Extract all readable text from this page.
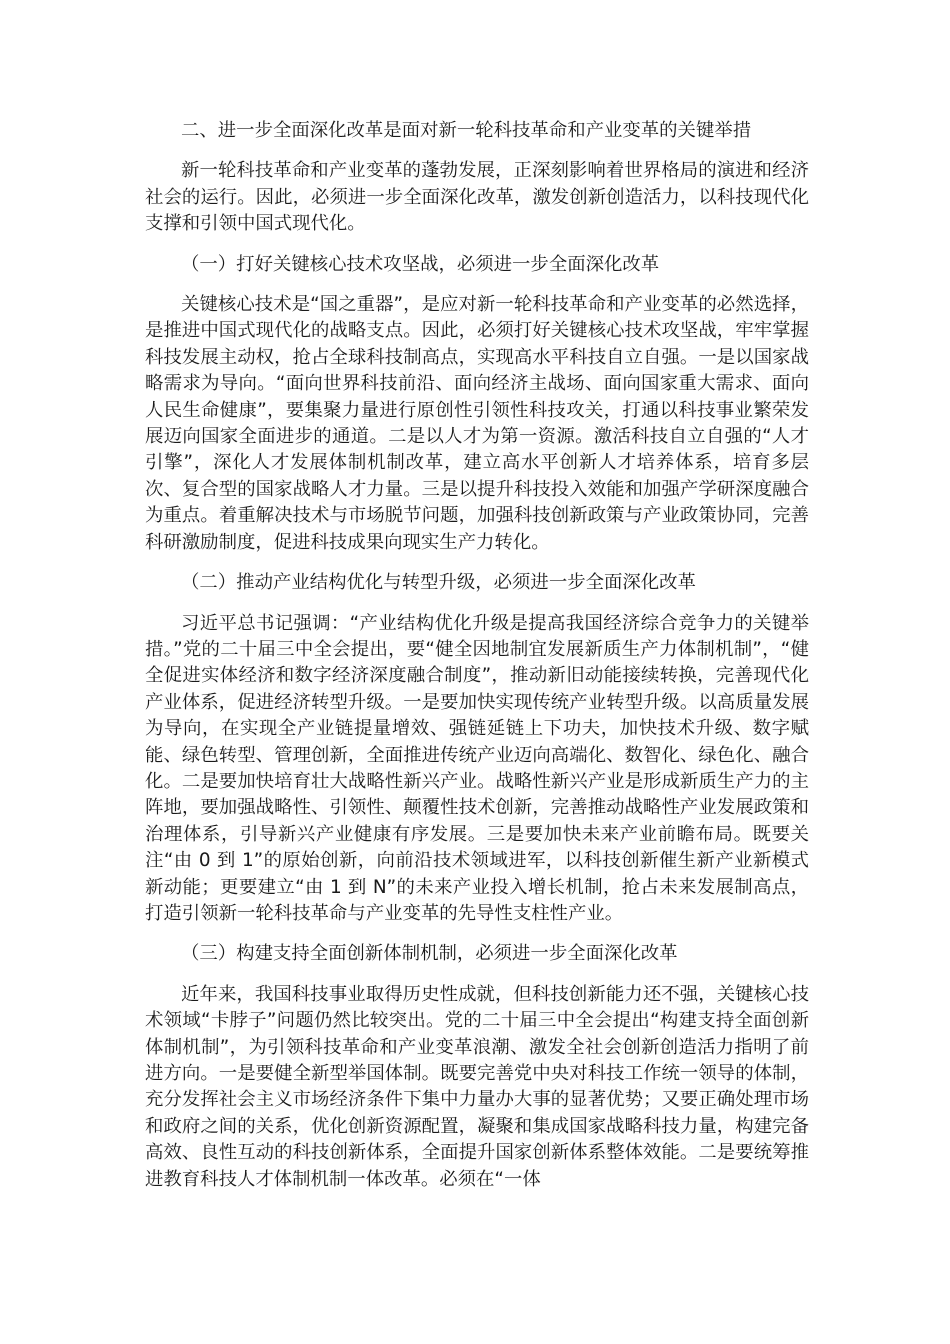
二、进一步全面深化改革是面对新一轮科技革命和产业变革的关键举措

新一轮科技革命和产业变革的蓬勃发展，正深刻影响着世界格局的演进和经济社会的运行。因此，必须进一步全面深化改革，激发创新创造活力，以科技现代化支撑和引领中国式现代化。

（一）打好关键核心技术攻坚战，必须进一步全面深化改革

关键核心技术是“国之重器”，是应对新一轮科技革命和产业变革的必然选择，是推进中国式现代化的战略支点。因此，必须打好关键核心技术攻坚战，牢牢掌握科技发展主动权，抢占全球科技制高点，实现高水平科技自立自强。一是以国家战略需求为导向。“面向世界科技前沿、面向经济主战场、面向国家重大需求、面向人民生命健康”，要集聚力量进行原创性引领性科技攻关，打通以科技事业繁荣发展迈向国家全面进步的通道。二是以人才为第一资源。激活科技自立自强的“人才引擎”，深化人才发展体制机制改革，建立高水平创新人才培养体系，培育多层次、复合型的国家战略人才力量。三是以提升科技投入效能和加强产学研深度融合为重点。着重解决技术与市场脱节问题，加强科技创新政策与产业政策协同，完善科研激励制度，促进科技成果向现实生产力转化。

（二）推动产业结构优化与转型升级，必须进一步全面深化改革

习近平总书记强调：“产业结构优化升级是提高我国经济综合竞争力的关键举措。”党的二十届三中全会提出，要“健全因地制宜发展新质生产力体制机制”，“健全促进实体经济和数字经济深度融合制度”，推动新旧动能接续转换，完善现代化产业体系，促进经济转型升级。一是要加快实现传统产业转型升级。以高质量发展为导向，在实现全产业链提量增效、强链延链上下功夫，加快技术升级、数字赋能、绿色转型、管理创新，全面推进传统产业迈向高端化、数智化、绿色化、融合化。二是要加快培育壮大战略性新兴产业。战略性新兴产业是形成新质生产力的主阵地，要加强战略性、引领性、颠覆性技术创新，完善推动战略性产业发展政策和治理体系，引导新兴产业健康有序发展。三是要加快未来产业前瞻布局。既要关注“由 0 到 1”的原始创新，向前沿技术领域进军，以科技创新催生新产业新模式新动能；更要建立“由 1 到 N”的未来产业投入增长机制，抢占未来发展制高点，打造引领新一轮科技革命与产业变革的先导性支柱性产业。

（三）构建支持全面创新体制机制，必须进一步全面深化改革

近年来，我国科技事业取得历史性成就，但科技创新能力还不强，关键核心技术领域“卡脖子”问题仍然比较突出。党的二十届三中全会提出“构建支持全面创新体制机制”，为引领科技革命和产业变革浪潮、激发全社会创新创造活力指明了前进方向。一是要健全新型举国体制。既要完善党中央对科技工作统一领导的体制，充分发挥社会主义市场经济条件下集中力量办大事的显著优势；又要正确处理市场和政府之间的关系，优化创新资源配置，凝聚和集成国家战略科技力量，构建完备高效、良性互动的科技创新体系，全面提升国家创新体系整体效能。二是要统筹推进教育科技人才体制机制一体改革。必须在“一体
